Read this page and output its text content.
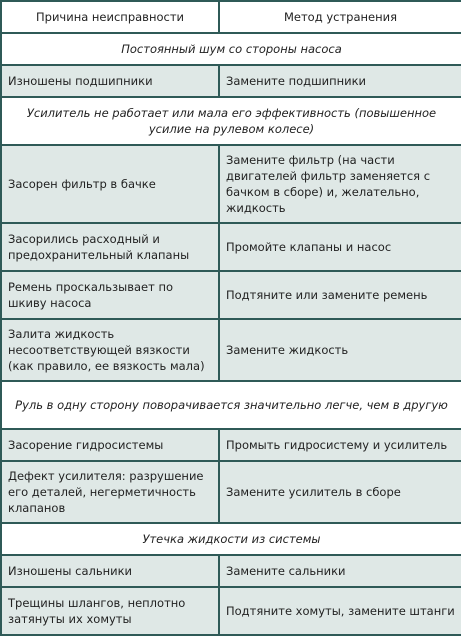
Причина неисправности	Метод устранения
Постоянный шум со стороны насоса	
Изношены подшипники	Замените подшипники
Усилитель не работает или мала его эффективность (повышенное усилие на рулевом колесе)	
Засорен фильтр в бачке	Замените фильтр (на части двигателей фильтр заменяется с бачком в сборе) и, желательно, жидкость
Засорились расходный и предохранительный клапаны	Промойте клапаны и насос
Ремень проскальзывает по шкиву насоса	Подтяните или замените ремень
Залита жидкость несоответствующей вязкости (как правило, ее вязкость мала)	Замените жидкость
Руль в одну сторону поворачивается значительно легче, чем в другую	
Засорение гидросистемы	Промыть гидросистему и усилитель
Дефект усилителя: разрушение его деталей, негерметичность клапанов	Замените усилитель в сборе
Утечка жидкости из системы	
Изношены сальники	Замените сальники
Трещины шлангов, неплотно затянуты их хомуты	Подтяните хомуты, замените штанги
